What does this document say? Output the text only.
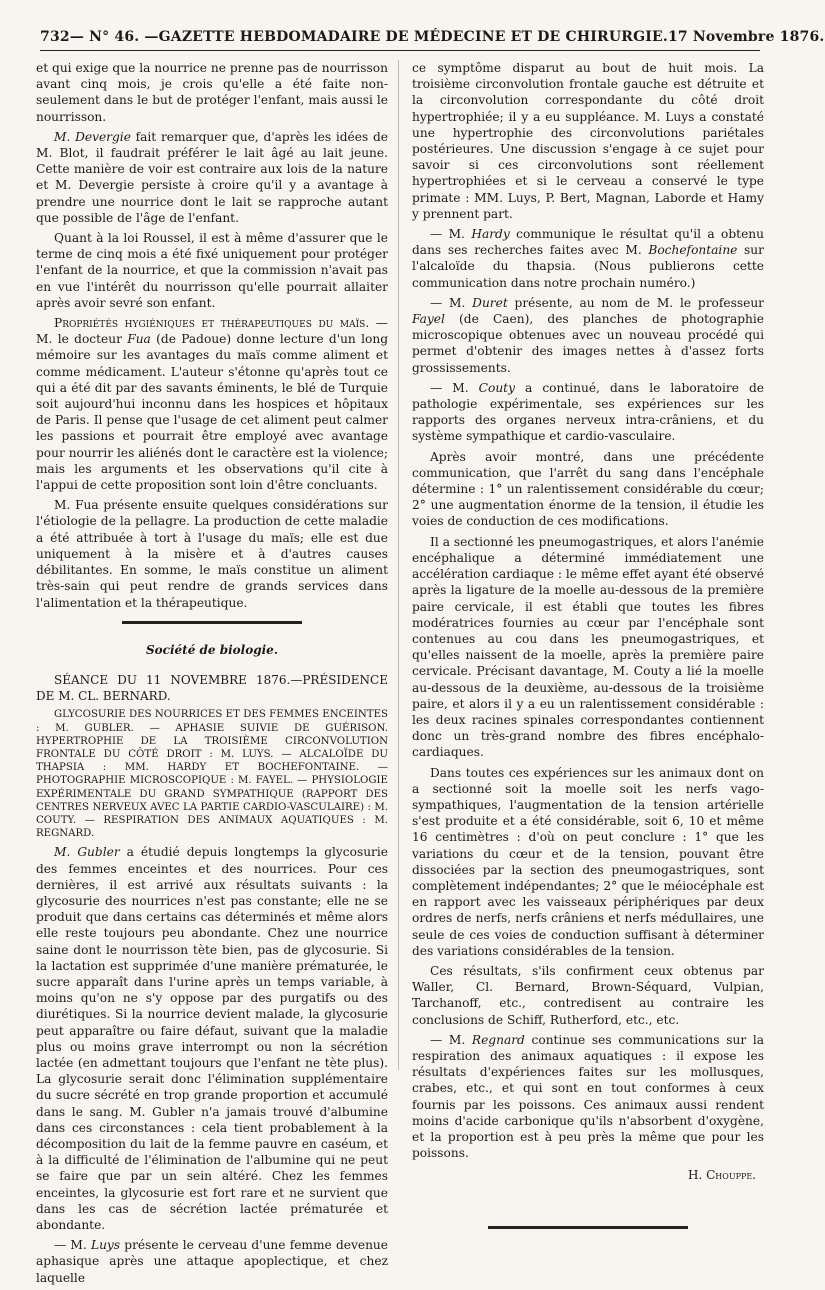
732 — N° 46. — GAZETTE HEBDOMADAIRE DE MÉDECINE ET DE CHIRURGIE. 17 Novembre 1876.

et qui exige que la nourrice ne prenne pas de nourrisson avant cinq mois, je crois qu'elle a été faite non-seulement dans le but de protéger l'enfant, mais aussi le nourrisson.

M. Devergie fait remarquer que, d'après les idées de M. Blot, il faudrait préférer le lait âgé au lait jeune. Cette manière de voir est contraire aux lois de la nature et M. Devergie persiste à croire qu'il y a avantage à prendre une nourrice dont le lait se rapproche autant que possible de l'âge de l'enfant.

Quant à la loi Roussel, il est à même d'assurer que le terme de cinq mois a été fixé uniquement pour protéger l'enfant de la nourrice, et que la commission n'avait pas en vue l'intérêt du nourrisson qu'elle pourrait allaiter après avoir sevré son enfant.

Propriétés hygiéniques et thérapeutiques du maïs. — M. le docteur Fua (de Padoue) donne lecture d'un long mémoire sur les avantages du maïs comme aliment et comme médicament. L'auteur s'étonne qu'après tout ce qui a été dit par des savants éminents, le blé de Turquie soit aujourd'hui inconnu dans les hospices et hôpitaux de Paris. Il pense que l'usage de cet aliment peut calmer les passions et pourrait être employé avec avantage pour nourrir les aliénés dont le caractère est la violence; mais les arguments et les observations qu'il cite à l'appui de cette proposition sont loin d'être concluants.

M. Fua présente ensuite quelques considérations sur l'étiologie de la pellagre. La production de cette maladie a été attribuée à tort à l'usage du maïs; elle est due uniquement à la misère et à d'autres causes débilitantes. En somme, le maïs constitue un aliment très-sain qui peut rendre de grands services dans l'alimentation et la thérapeutique.

Société de biologie.

SÉANCE DU 11 NOVEMBRE 1876.—PRÉSIDENCE DE M. CL. BERNARD.

GLYCOSURIE DES NOURRICES ET DES FEMMES ENCEINTES : M. GUBLER. — APHASIE SUIVIE DE GUÉRISON. HYPERTROPHIE DE LA TROISIÈME CIRCONVOLUTION FRONTALE DU CÔTÉ DROIT : M. LUYS. — ALCALOÏDE DU THAPSIA : MM. HARDY ET BOCHEFONTAINE. — PHOTOGRAPHIE MICROSCOPIQUE : M. FAYEL. — PHYSIOLOGIE EXPÉRIMENTALE DU GRAND SYMPATHIQUE (RAPPORT DES CENTRES NERVEUX AVEC LA PARTIE CARDIO-VASCULAIRE) : M. COUTY. — RESPIRATION DES ANIMAUX AQUATIQUES : M. REGNARD.

M. Gubler a étudié depuis longtemps la glycosurie des femmes enceintes et des nourrices. Pour ces dernières, il est arrivé aux résultats suivants : la glycosurie des nourrices n'est pas constante; elle ne se produit que dans certains cas déterminés et même alors elle reste toujours peu abondante. Chez une nourrice saine dont le nourrisson tète bien, pas de glycosurie. Si la lactation est supprimée d'une manière prématurée, le sucre apparaît dans l'urine après un temps variable, à moins qu'on ne s'y oppose par des purgatifs ou des diurétiques. Si la nourrice devient malade, la glycosurie peut apparaître ou faire défaut, suivant que la maladie plus ou moins grave interrompt ou non la sécrétion lactée (en admettant toujours que l'enfant ne tète plus). La glycosurie serait donc l'élimination supplémentaire du sucre sécrété en trop grande proportion et accumulé dans le sang. M. Gubler n'a jamais trouvé d'albumine dans ces circonstances : cela tient probablement à la décomposition du lait de la femme pauvre en caséum, et à la difficulté de l'élimination de l'albumine qui ne peut se faire que par un sein altéré. Chez les femmes enceintes, la glycosurie est fort rare et ne survient que dans les cas de sécrétion lactée prématurée et abondante.

— M. Luys présente le cerveau d'une femme devenue aphasique après une attaque apoplectique, et chez laquelle

ce symptôme disparut au bout de huit mois. La troisième circonvolution frontale gauche est détruite et la circonvolution correspondante du côté droit hypertrophiée; il y a eu suppléance. M. Luys a constaté une hypertrophie des circonvolutions pariétales postérieures. Une discussion s'engage à ce sujet pour savoir si ces circonvolutions sont réellement hypertrophiées et si le cerveau a conservé le type primate : MM. Luys, P. Bert, Magnan, Laborde et Hamy y prennent part.

— M. Hardy communique le résultat qu'il a obtenu dans ses recherches faites avec M. Bochefontaine sur l'alcaloïde du thapsia. (Nous publierons cette communication dans notre prochain numéro.)

— M. Duret présente, au nom de M. le professeur Fayel (de Caen), des planches de photographie microscopique obtenues avec un nouveau procédé qui permet d'obtenir des images nettes à d'assez forts grossissements.

— M. Couty a continué, dans le laboratoire de pathologie expérimentale, ses expériences sur les rapports des organes nerveux intra-crâniens, et du système sympathique et cardio-vasculaire.

Après avoir montré, dans une précédente communication, que l'arrêt du sang dans l'encéphale détermine : 1° un ralentissement considérable du cœur; 2° une augmentation énorme de la tension, il étudie les voies de conduction de ces modifications.

Il a sectionné les pneumogastriques, et alors l'anémie encéphalique a déterminé immédiatement une accélération cardiaque : le même effet ayant été observé après la ligature de la moelle au-dessous de la première paire cervicale, il est établi que toutes les fibres modératrices fournies au cœur par l'encéphale sont contenues au cou dans les pneumogastriques, et qu'elles naissent de la moelle, après la première paire cervicale. Précisant davantage, M. Couty a lié la moelle au-dessous de la deuxième, au-dessous de la troisième paire, et alors il y a eu un ralentissement considérable : les deux racines spinales correspondantes contiennent donc un très-grand nombre des fibres encéphalo-cardiaques.

Dans toutes ces expériences sur les animaux dont on a sectionné soit la moelle soit les nerfs vago-sympathiques, l'augmentation de la tension artérielle s'est produite et a été considérable, soit 6, 10 et même 16 centimètres : d'où on peut conclure : 1° que les variations du cœur et de la tension, pouvant être dissociées par la section des pneumogastriques, sont complètement indépendantes; 2° que le méiocéphale est en rapport avec les vaisseaux périphériques par deux ordres de nerfs, nerfs crâniens et nerfs médullaires, une seule de ces voies de conduction suffisant à déterminer des variations considérables de la tension.

Ces résultats, s'ils confirment ceux obtenus par Waller, Cl. Bernard, Brown-Séquard, Vulpian, Tarchanoff, etc., contredisent au contraire les conclusions de Schiff, Rutherford, etc., etc.

— M. Regnard continue ses communications sur la respiration des animaux aquatiques : il expose les résultats d'expériences faites sur les mollusques, crabes, etc., et qui sont en tout conformes à ceux fournis par les poissons. Ces animaux aussi rendent moins d'acide carbonique qu'ils n'absorbent d'oxygène, et la proportion est à peu près la même que pour les poissons.

H. Chouppe.
